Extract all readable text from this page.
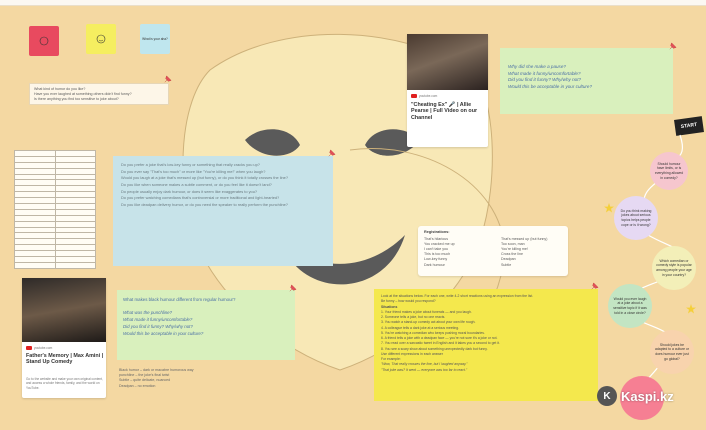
What is your aha?

What kind of humor do you like?

Have you ever laughed at something others didn't find funny?

Is there anything you find too sensitive to joke about?

youtube.com
"Cheating Ex" 🎤 | Allie Pearse | Full Video on our Channel

Why did she make a pause?

What made it funny/uncomfortable?

Did you find it funny? Why/why not?

Would this be acceptable in your culture?

START

Do you prefer a joke that's low-key funny or something that really cracks you up?

Do you ever say "That's too much" or more like "You're killing me!" when you laugh?

Would you laugh at a joke that's messed up (but funny), or do you think it totally crosses the line?

Do you like when someone makes a subtle comment, or do you feel like it doesn't land?

Do people usually enjoy dark humour, or does it seem like exaggerates to you?

Do you prefer watching comedians that's controversial or more traditional and light-hearted?

Do you like deadpan delivery humor, or do you need the speaker to really perform the punchline?

Registrations:

That's hilarious

You cracked me up

I can't take you

This is too much

Low-key funny

Dark humour

That's messed up (but funny)

Too soon, man

You're killing me!

Cross the line

Deadpan

Subtle

youtube.com
Father's Memory | Max Amini | Stand Up Comedy
Go to the website and make your own original content, and access a whole friends, family, and the world on YouTube.

What makes black humour different from regular humour?

What was the punchline?

What made it funny/uncomfortable?

Did you find it funny? Why/why not?

Would this be acceptable in your culture?

Black humor – dark or macabre humorous way

punchline – the joke's final twist

Subtle – quite delicate, nuanced

Deadpan – no emotion

Look at the situations below. For each one, write 4-2 short reactions using an expression from the list.

Be funny – how would you respond?

Situations

1. Your friend makes a joke about funerals — and you laugh.

2. Someone tells a joke, but no one reacts.

3. You watch a stand-up comedy act about your own life rough.

4. A colleague tells a dark joke at a serious meeting.

5. You're watching a comedian who keeps pushing moral boundaries.

6. A friend tells a joke with a deadpan face — you're not sure it's a joke or not.

7. You read over a sarcastic tweet in English and it takes you a second to get it.

8. You see a scary show about something unexpectedly dark but funny.

Use different expressions in each answer

For example:

"Wow, That really crosses the line, but I laughed anyway."

"That joke was? It went — everyone was too far to react."

Should humour have limits, or is everything allowed in comedy?
Do you think making jokes about serious topics helps people cope or is it wrong?
Which comedian or comedy style is popular among people your age in your country?
Would you ever laugh at a joke about a sensitive topic if it was told in a close circle?
Should jokes be adapted to a culture or does humour ever just go global?
K Kaspi.kz
